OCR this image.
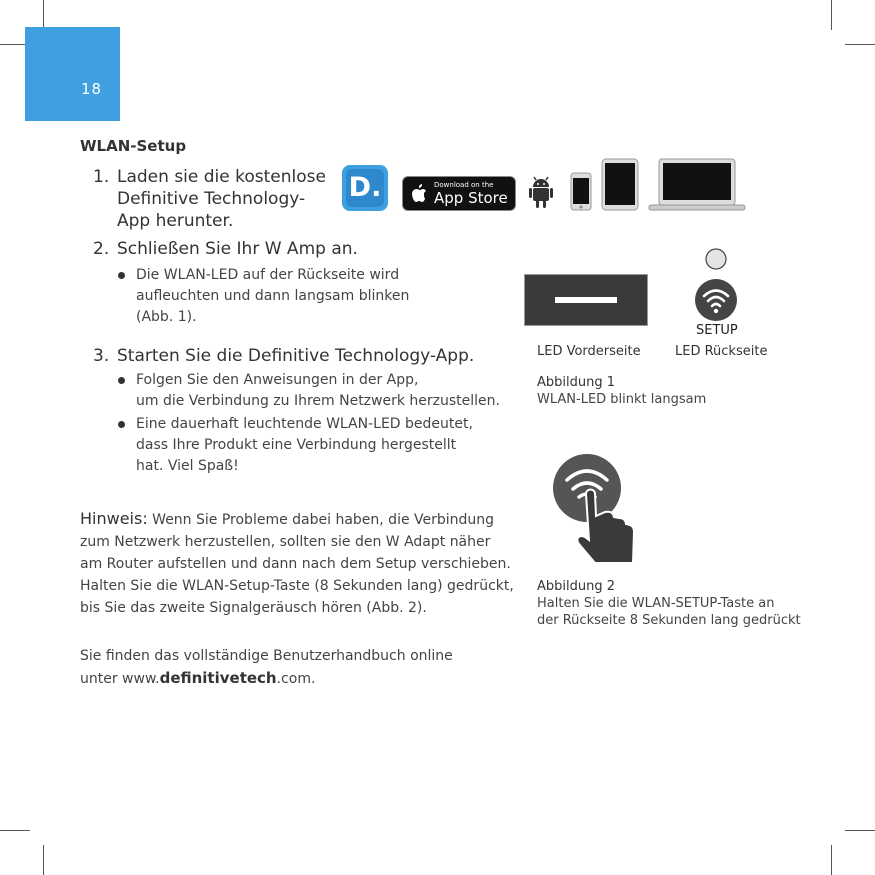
18
WLAN-Setup
1. Laden sie die kostenlose
Definitive Technology-
App herunter.
D.	Download on the
App Store
2. Schließen Sie Ihr W Amp an.
Die WLAN-LED auf der Rückseite wird
aufleuchten und dann langsam blinken
(Abb. 1).
3. Starten Sie die Definitive Technology-App.
Folgen Sie den Anweisungen in der App,
um die Verbindung zu Ihrem Netzwerk herzustellen.
Eine dauerhaft leuchtende WLAN-LED bedeutet,
dass Ihre Produkt eine Verbindung hergestellt
hat. Viel Spaß!
Hinweis: Wenn Sie Probleme dabei haben, die Verbindung
zum Netzwerk herzustellen, sollten sie den W Adapt näher
am Router aufstellen und dann nach dem Setup verschieben.
Halten Sie die WLAN-Setup-Taste (8 Sekunden lang) gedrückt,
bis Sie das zweite Signalgeräusch hören (Abb. 2).
Sie finden das vollständige Benutzerhandbuch online
unter www.definitivetech.com.
SETUP
LED Vorderseite	LED Rückseite
Abbildung 1
WLAN-LED blinkt langsam
Abbildung 2
Halten Sie die WLAN-SETUP-Taste an
der Rückseite 8 Sekunden lang gedrückt
